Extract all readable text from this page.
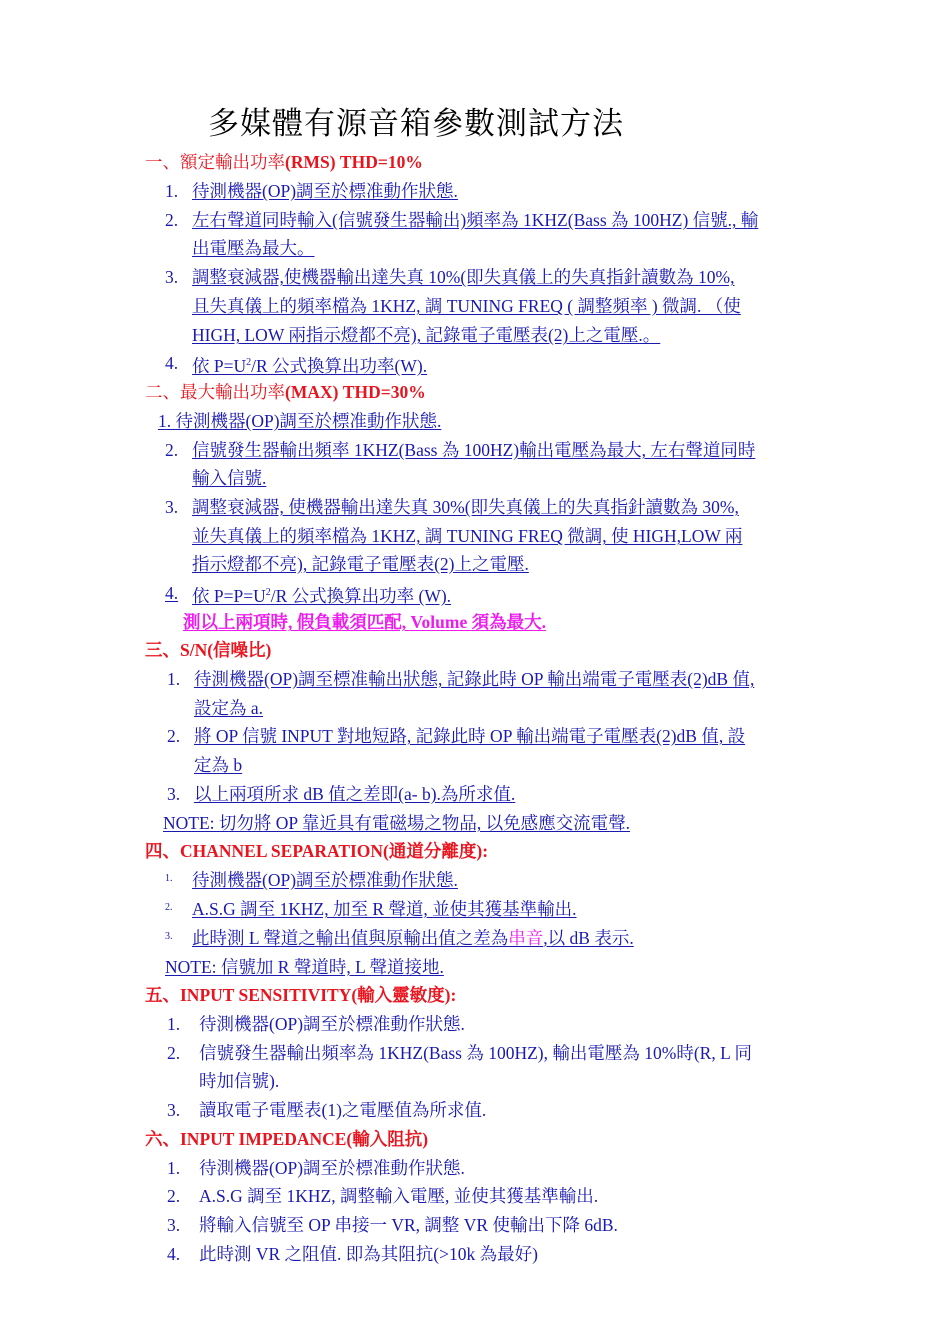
多媒體有源音箱參數測試方法
一、額定輸出功率(RMS) THD=10%
1. 待測機器(OP)調至於標准動作狀態.
2. 左右聲道同時輸入(信號發生器輸出)頻率為 1KHZ(Bass 為 100HZ) 信號., 輸
出電壓為最大。
3. 調整衰減器,使機器輸出達失真 10%(即失真儀上的失真指針讀數為 10%,
且失真儀上的頻率檔為 1KHZ, 調 TUNING FREQ ( 調整頻率 ) 微調. （使
HIGH, LOW 兩指示燈都不亮), 記錄電子電壓表(2)上之電壓.。
4. 依 $P=U^2/R$ 公式換算出功率(W).
二、最大輸出功率(MAX) THD=30%
1. 待測機器(OP)調至於標准動作狀態.
2. 信號發生器輸出頻率 1KHZ(Bass 為 100HZ)輸出電壓為最大, 左右聲道同時
輸入信號.
3. 調整衰減器, 使機器輸出達失真 30%(即失真儀上的失真指針讀數為 30%,
並失真儀上的頻率檔為 1KHZ, 調 TUNING FREQ 微調, 使 HIGH,LOW 兩
指示燈都不亮), 記錄電子電壓表(2)上之電壓.
4. 依 $P=P=U^2/R$ 公式換算出功率 (W).
測以上兩項時, 假負載須匹配, Volume 須為最大.
三、S/N(信噪比)
1. 待測機器(OP)調至標准輸出狀態, 記錄此時 OP 輸出端電子電壓表(2)dB 值,
設定為 a.
2. 將 OP 信號 INPUT 對地短路, 記錄此時 OP 輸出端電子電壓表(2)dB 值, 設
定為 b
3. 以上兩項所求 dB 值之差即(a- b).為所求值.
NOTE: 切勿將 OP 靠近具有電磁場之物品, 以免感應交流電聲.
四、CHANNEL SEPARATION(通道分離度):
1. 待測機器(OP)調至於標准動作狀態.
2. A.S.G 調至 1KHZ, 加至 R 聲道, 並使其獲基準輸出.
3. 此時測 L 聲道之輸出值與原輸出值之差為串音,以 dB 表示.
NOTE: 信號加 R 聲道時, L 聲道接地.
五、INPUT SENSITIVITY(輸入靈敏度):
1. 待測機器(OP)調至於標准動作狀態.
2. 信號發生器輸出頻率為 1KHZ(Bass 為 100HZ), 輸出電壓為 10%時(R, L 同
時加信號).
3. 讀取電子電壓表(1)之電壓值為所求值.
六、INPUT IMPEDANCE(輸入阻抗)
1. 待測機器(OP)調至於標准動作狀態.
2. A.S.G 調至 1KHZ, 調整輸入電壓, 並使其獲基準輸出.
3. 將輸入信號至 OP 串接一 VR, 調整 VR 使輸出下降 6dB.
4. 此時測 VR 之阻值. 即為其阻抗(>10k 為最好)
